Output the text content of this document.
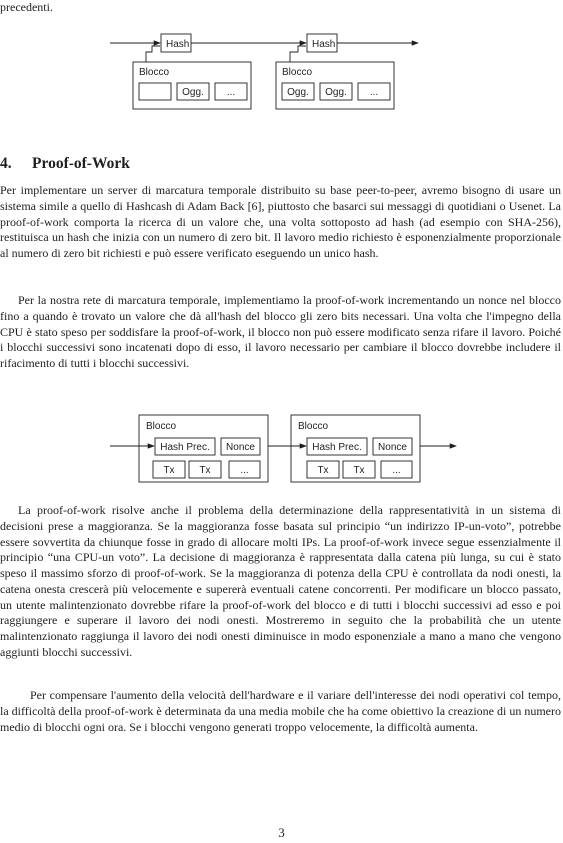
precedenti.

Hash	Hash
Blocco	Blocco
Ogg. ...	Ogg. Ogg. ...
4. Proof-of-Work

Per implementare un server di marcatura temporale distribuito su base peer-to-peer, avremo bisogno di usare un sistema simile a quello di Hashcash di Adam Back [6], piuttosto che basarci sui messaggi di quotidiani o Usenet. La proof-of-work comporta la ricerca di un valore che, una volta sottoposto ad hash (ad esempio con SHA-256), restituisca un hash che inizia con un numero di zero bit. Il lavoro medio richiesto è esponenzialmente proporzionale al numero di zero bit richiesti e può essere verificato eseguendo un unico hash.

Per la nostra rete di marcatura temporale, implementiamo la proof-of-work incrementando un nonce nel blocco fino a quando è trovato un valore che dà all'hash del blocco gli zero bits necessari. Una volta che l'impegno della CPU è stato speso per soddisfare la proof-of-work, il blocco non può essere modificato senza rifare il lavoro. Poiché i blocchi successivi sono incatenati dopo di esso, il lavoro necessario per cambiare il blocco dovrebbe includere il rifacimento di tutti i blocchi successivi.

Blocco	Blocco
Hash Prec. Nonce	Hash Prec. Nonce
Tx Tx	...	Tx Tx	...

La proof-of-work risolve anche il problema della determinazione della rappresentatività in un sistema di decisioni prese a maggioranza. Se la maggioranza fosse basata sul principio “un indirizzo IP-un-voto”, potrebbe essere sovvertita da chiunque fosse in grado di allocare molti IPs. La proof-of-work invece segue essenzialmente il principio “una CPU-un voto”. La decisione di maggioranza è rappresentata dalla catena più lunga, su cui è stato speso il massimo sforzo di proof-of-work. Se la maggioranza di potenza della CPU è controllata da nodi onesti, la catena onesta crescerà più velocemente e supererà eventuali catene concorrenti. Per modificare un blocco passato, un utente malintenzionato dovrebbe rifare la proof-of-work del blocco e di tutti i blocchi successivi ad esso e poi raggiungere e superare il lavoro dei nodi onesti. Mostreremo in seguito che la probabilità che un utente malintenzionato raggiunga il lavoro dei nodi onesti diminuisce in modo esponenziale a mano a mano che vengono aggiunti blocchi successivi.

Per compensare l'aumento della velocità dell'hardware e il variare dell'interesse dei nodi operativi col tempo, la difficoltà della proof-of-work è determinata da una media mobile che ha come obiettivo la creazione di un numero medio di blocchi ogni ora. Se i blocchi vengono generati troppo velocemente, la difficoltà aumenta.

3
